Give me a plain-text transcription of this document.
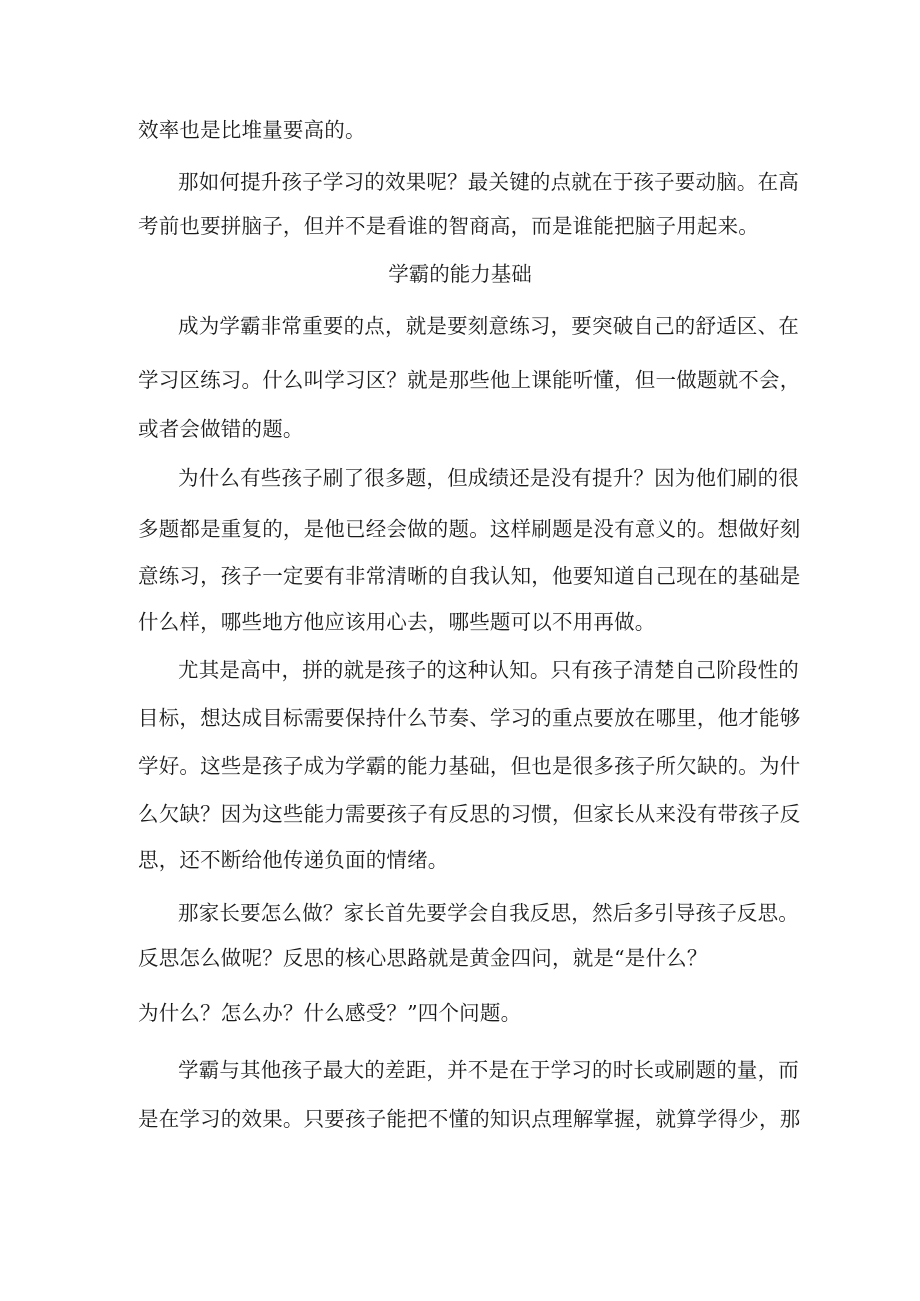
效率也是比堆量要高的。
那如何提升孩子学习的效果呢？最关键的点就在于孩子要动脑。在高
考前也要拼脑子，但并不是看谁的智商高，而是谁能把脑子用起来。
学霸的能力基础
成为学霸非常重要的点，就是要刻意练习，要突破自己的舒适区、在
学习区练习。什么叫学习区？就是那些他上课能听懂，但一做题就不会，
或者会做错的题。
为什么有些孩子刷了很多题，但成绩还是没有提升？因为他们刷的很
多题都是重复的，是他已经会做的题。这样刷题是没有意义的。想做好刻
意练习，孩子一定要有非常清晰的自我认知，他要知道自己现在的基础是
什么样，哪些地方他应该用心去，哪些题可以不用再做。
尤其是高中，拼的就是孩子的这种认知。只有孩子清楚自己阶段性的
目标，想达成目标需要保持什么节奏、学习的重点要放在哪里，他才能够
学好。这些是孩子成为学霸的能力基础，但也是很多孩子所欠缺的。为什
么欠缺？因为这些能力需要孩子有反思的习惯，但家长从来没有带孩子反
思，还不断给他传递负面的情绪。
那家长要怎么做？家长首先要学会自我反思，然后多引导孩子反思。
反思怎么做呢？反思的核心思路就是黄金四问，就是“是什么？
为什么？怎么办？什么感受？”四个问题。
学霸与其他孩子最大的差距，并不是在于学习的时长或刷题的量，而
是在学习的效果。只要孩子能把不懂的知识点理解掌握，就算学得少，那
